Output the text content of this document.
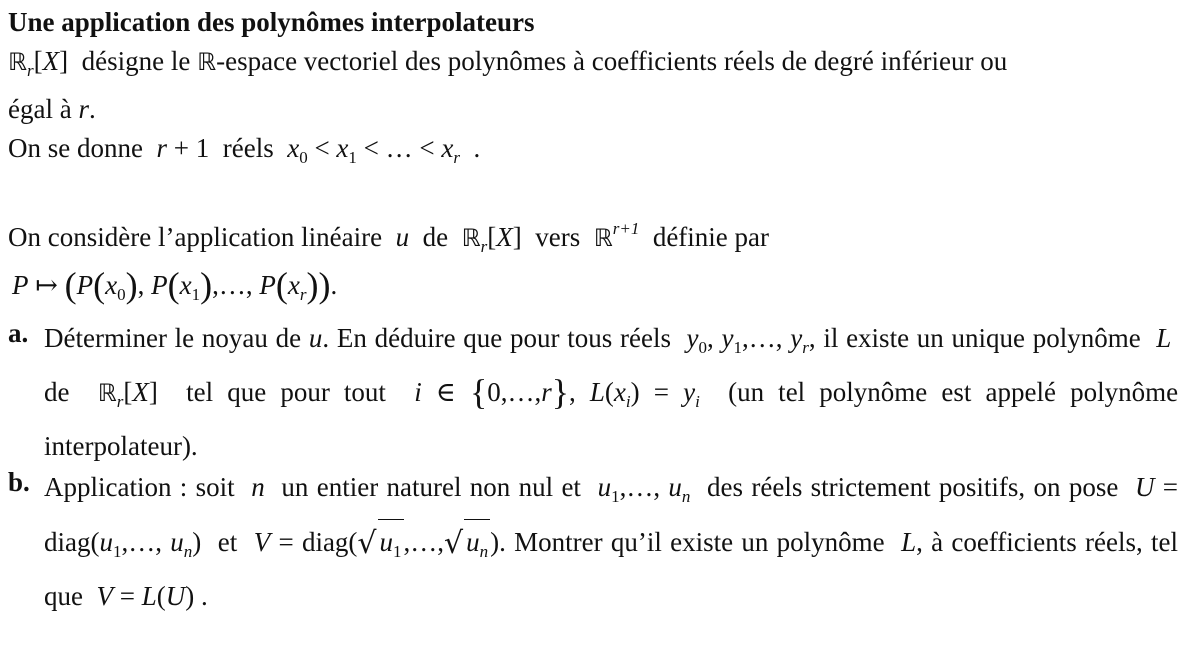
Une application des polynômes interpolateurs

ℝ$_r$[X]  désigne le ℝ-espace vectoriel des polynômes à coefficients réels de degré inférieur ou
égal à r.
On se donne r + 1  réels $x_0 < x_1$ < … < $x_r$  .
On considère l’application linéaire  u  de ℝ$_r$[X]  vers ℝ$^{r+1}$ définie par
P ↦ ($P(x_0)$, $P(x_1),\dots$, $P(x_r)$).
a. Déterminer le noyau de u. En déduire que pour tous réels $y_0$, $y_1,\dots$, $y_r$, il existe un unique polynôme  L  de ℝ$_r$[X]  tel que pour tout i ∈ {0,…,r}, $L(x_i) = y_i$ (un tel polynôme est appelé polynôme interpolateur).
b. Application : soit  n  un entier naturel non nul et $u_1,\dots$, $u_n$ des réels strictement positifs, on pose $U = diag(u_1,\dots$, $u_n$)  et V = diag(√ $u_1,\dots,√$ $u_n$). Montrer qu’il existe un polynôme  L, à coefficients réels, tel que V = L(U) .
